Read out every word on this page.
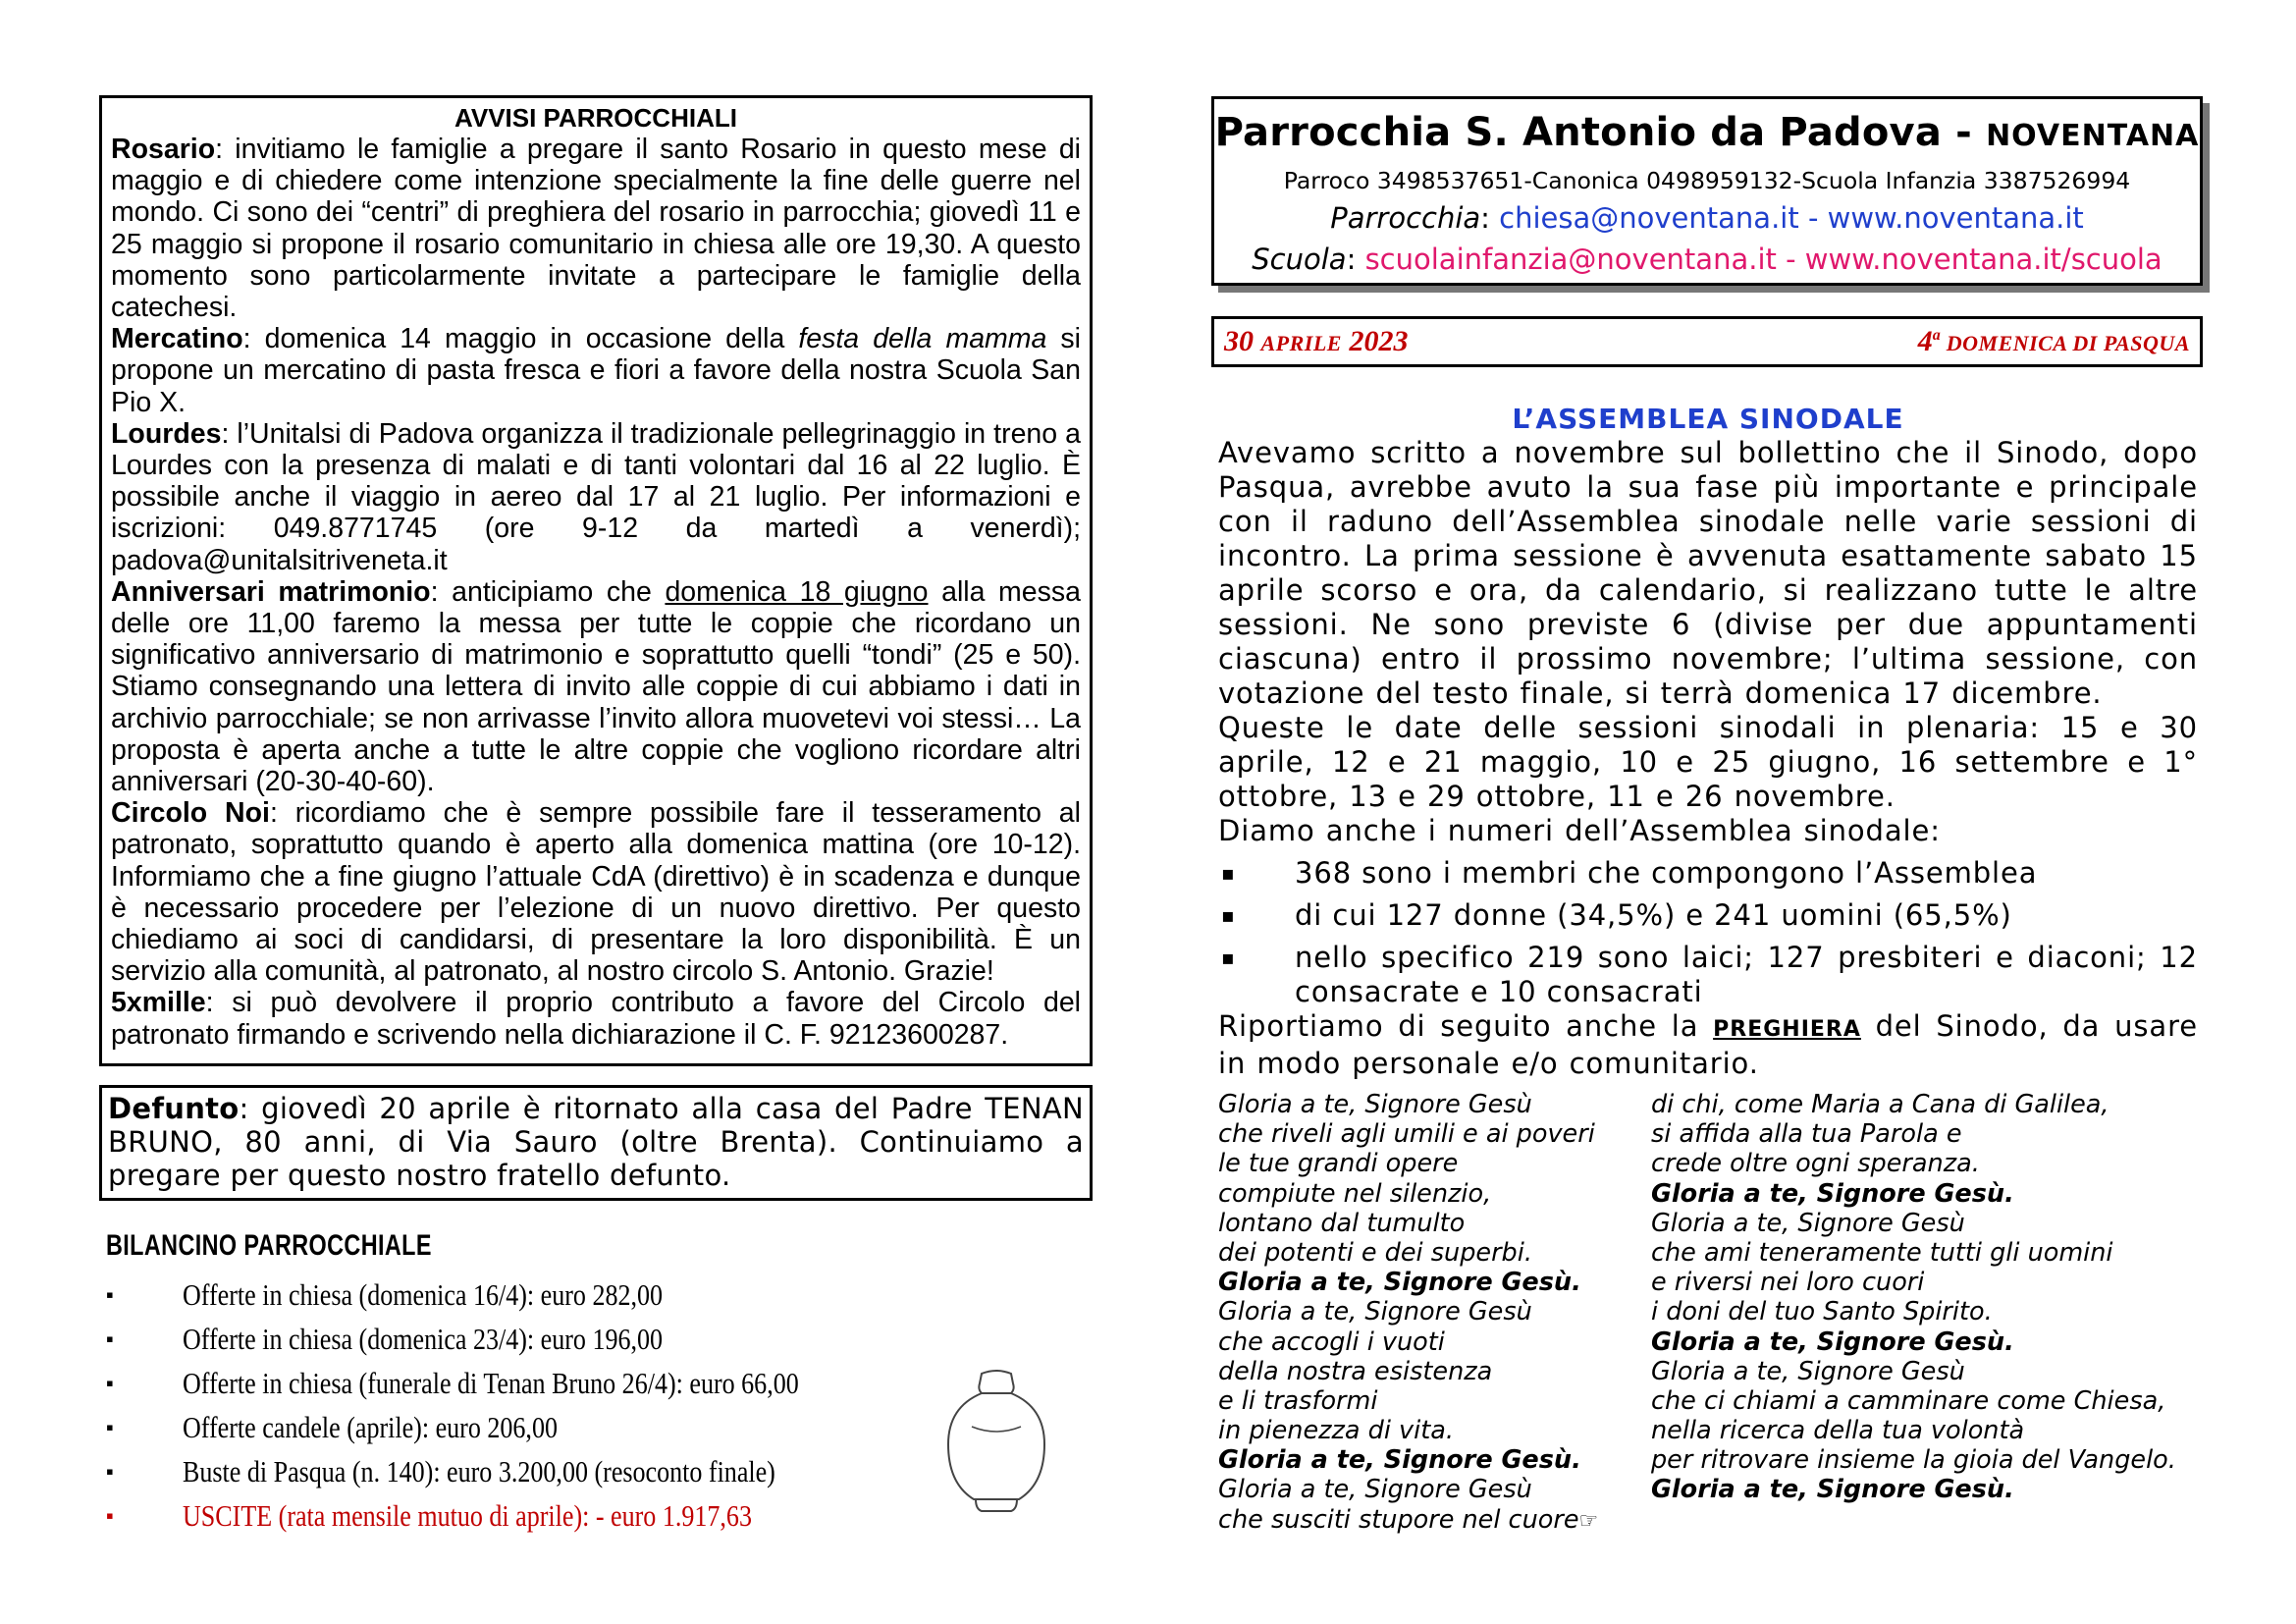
AVVISI PARROCCHIALI

Rosario: invitiamo le famiglie a pregare il santo Rosario in questo mese di maggio e di chiedere come intenzione specialmente la fine delle guerre nel mondo. Ci sono dei “centri” di preghiera del rosario in parrocchia; giovedì 11 e 25 maggio si propone il rosario comunitario in chiesa alle ore 19,30. A questo momento sono particolarmente invitate a partecipare le famiglie della catechesi.

Mercatino: domenica 14 maggio in occasione della festa della mamma si propone un mercatino di pasta fresca e fiori a favore della nostra Scuola San Pio X.

Lourdes: l’Unitalsi di Padova organizza il tradizionale pellegrinaggio in treno a Lourdes con la presenza di malati e di tanti volontari dal 16 al 22 luglio. È possibile anche il viaggio in aereo dal 17 al 21 luglio. Per informazioni e iscrizioni: 049.8771745 (ore 9-12 da martedì a venerdì); padova@unitalsitriveneta.it

Anniversari matrimonio: anticipiamo che domenica 18 giugno alla messa delle ore 11,00 faremo la messa per tutte le coppie che ricordano un significativo anniversario di matrimonio e soprattutto quelli “tondi” (25 e 50). Stiamo consegnando una lettera di invito alle coppie di cui abbiamo i dati in archivio parrocchiale; se non arrivasse l’invito allora muovetevi voi stessi… La proposta è aperta anche a tutte le altre coppie che vogliono ricordare altri anniversari (20-30-40-60).

Circolo Noi: ricordiamo che è sempre possibile fare il tesseramento al patronato, soprattutto quando è aperto alla domenica mattina (ore 10-12). Informiamo che a fine giugno l’attuale CdA (direttivo) è in scadenza e dunque è necessario procedere per l’elezione di un nuovo direttivo. Per questo chiediamo ai soci di candidarsi, di presentare la loro disponibilità. È un servizio alla comunità, al patronato, al nostro circolo S. Antonio. Grazie!

5xmille: si può devolvere il proprio contributo a favore del Circolo del patronato firmando e scrivendo nella dichiarazione il C. F. 92123600287.

Defunto: giovedì 20 aprile è ritornato alla casa del Padre TENAN BRUNO, 80 anni, di Via Sauro (oltre Brenta). Continuiamo a pregare per questo nostro fratello defunto.

BILANCINO PARROCCHIALE
▪ Offerte in chiesa (domenica 16/4): euro 282,00
▪ Offerte in chiesa (domenica 23/4): euro 196,00
▪ Offerte in chiesa (funerale di Tenan Bruno 26/4): euro 66,00
▪ Offerte candele (aprile): euro 206,00
▪ Buste di Pasqua (n. 140): euro 3.200,00 (resoconto finale)
▪ USCITE (rata mensile mutuo di aprile): - euro 1.917,63
Parrocchia S. Antonio da Padova - NOVENTANA
Parroco 3498537651-Canonica 0498959132-Scuola Infanzia 3387526994
Parrocchia: chiesa@noventana.it - www.noventana.it
Scuola: scuolainfanzia@noventana.it - www.noventana.it/scuola
30 APRILE 2023	4$^a$ DOMENICA DI PASQUA
L’ASSEMBLEA SINODALE

Avevamo scritto a novembre sul bollettino che il Sinodo, dopo Pasqua, avrebbe avuto la sua fase più importante e principale con il raduno dell’Assemblea sinodale nelle varie sessioni di incontro. La prima sessione è avvenuta esattamente sabato 15 aprile scorso e ora, da calendario, si realizzano tutte le altre sessioni. Ne sono previste 6 (divise per due appuntamenti ciascuna) entro il prossimo novembre; l’ultima sessione, con votazione del testo finale, si terrà domenica 17 dicembre.

Queste le date delle sessioni sinodali in plenaria: 15 e 30 aprile, 12 e 21 maggio, 10 e 25 giugno, 16 settembre e 1° ottobre, 13 e 29 ottobre, 11 e 26 novembre.

Diamo anche i numeri dell’Assemblea sinodale:

▪ 368 sono i membri che compongono l’Assemblea
▪ di cui 127 donne (34,5%) e 241 uomini (65,5%)
▪ nello specifico 219 sono laici; 127 presbiteri e diaconi; 12 consacrate e 10 consacrati

Riportiamo di seguito anche la PREGHIERA del Sinodo, da usare in modo personale e/o comunitario.

Gloria a te, Signore Gesù
che riveli agli umili e ai poveri
le tue grandi opere
compiute nel silenzio,
lontano dal tumulto
dei potenti e dei superbi.
Gloria a te, Signore Gesù.
Gloria a te, Signore Gesù
che accogli i vuoti
della nostra esistenza
e li trasformi
in pienezza di vita.
Gloria a te, Signore Gesù.
Gloria a te, Signore Gesù
che susciti stupore nel cuore☞
di chi, come Maria a Cana di Galilea,
si affida alla tua Parola e
crede oltre ogni speranza.
Gloria a te, Signore Gesù.
Gloria a te, Signore Gesù
che ami teneramente tutti gli uomini
e riversi nei loro cuori
i doni del tuo Santo Spirito.
Gloria a te, Signore Gesù.
Gloria a te, Signore Gesù
che ci chiami a camminare come Chiesa,
nella ricerca della tua volontà
per ritrovare insieme la gioia del Vangelo.
Gloria a te, Signore Gesù.
